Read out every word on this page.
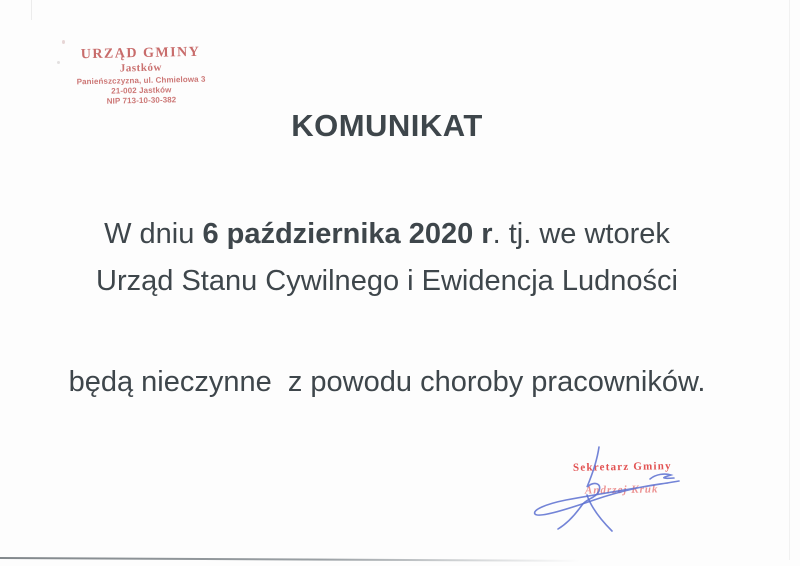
URZĄD GMINY
Jastków
Panieńszczyzna, ul. Chmielowa 3
21-002 Jastków
NIP 713-10-30-382
KOMUNIKAT
W dniu 6 października 2020 r. tj. we wtorek
Urząd Stanu Cywilnego i Ewidencja Ludności
będą nieczynne  z powodu choroby pracowników.
Sekretarz Gminy
Andrzej Kruk
